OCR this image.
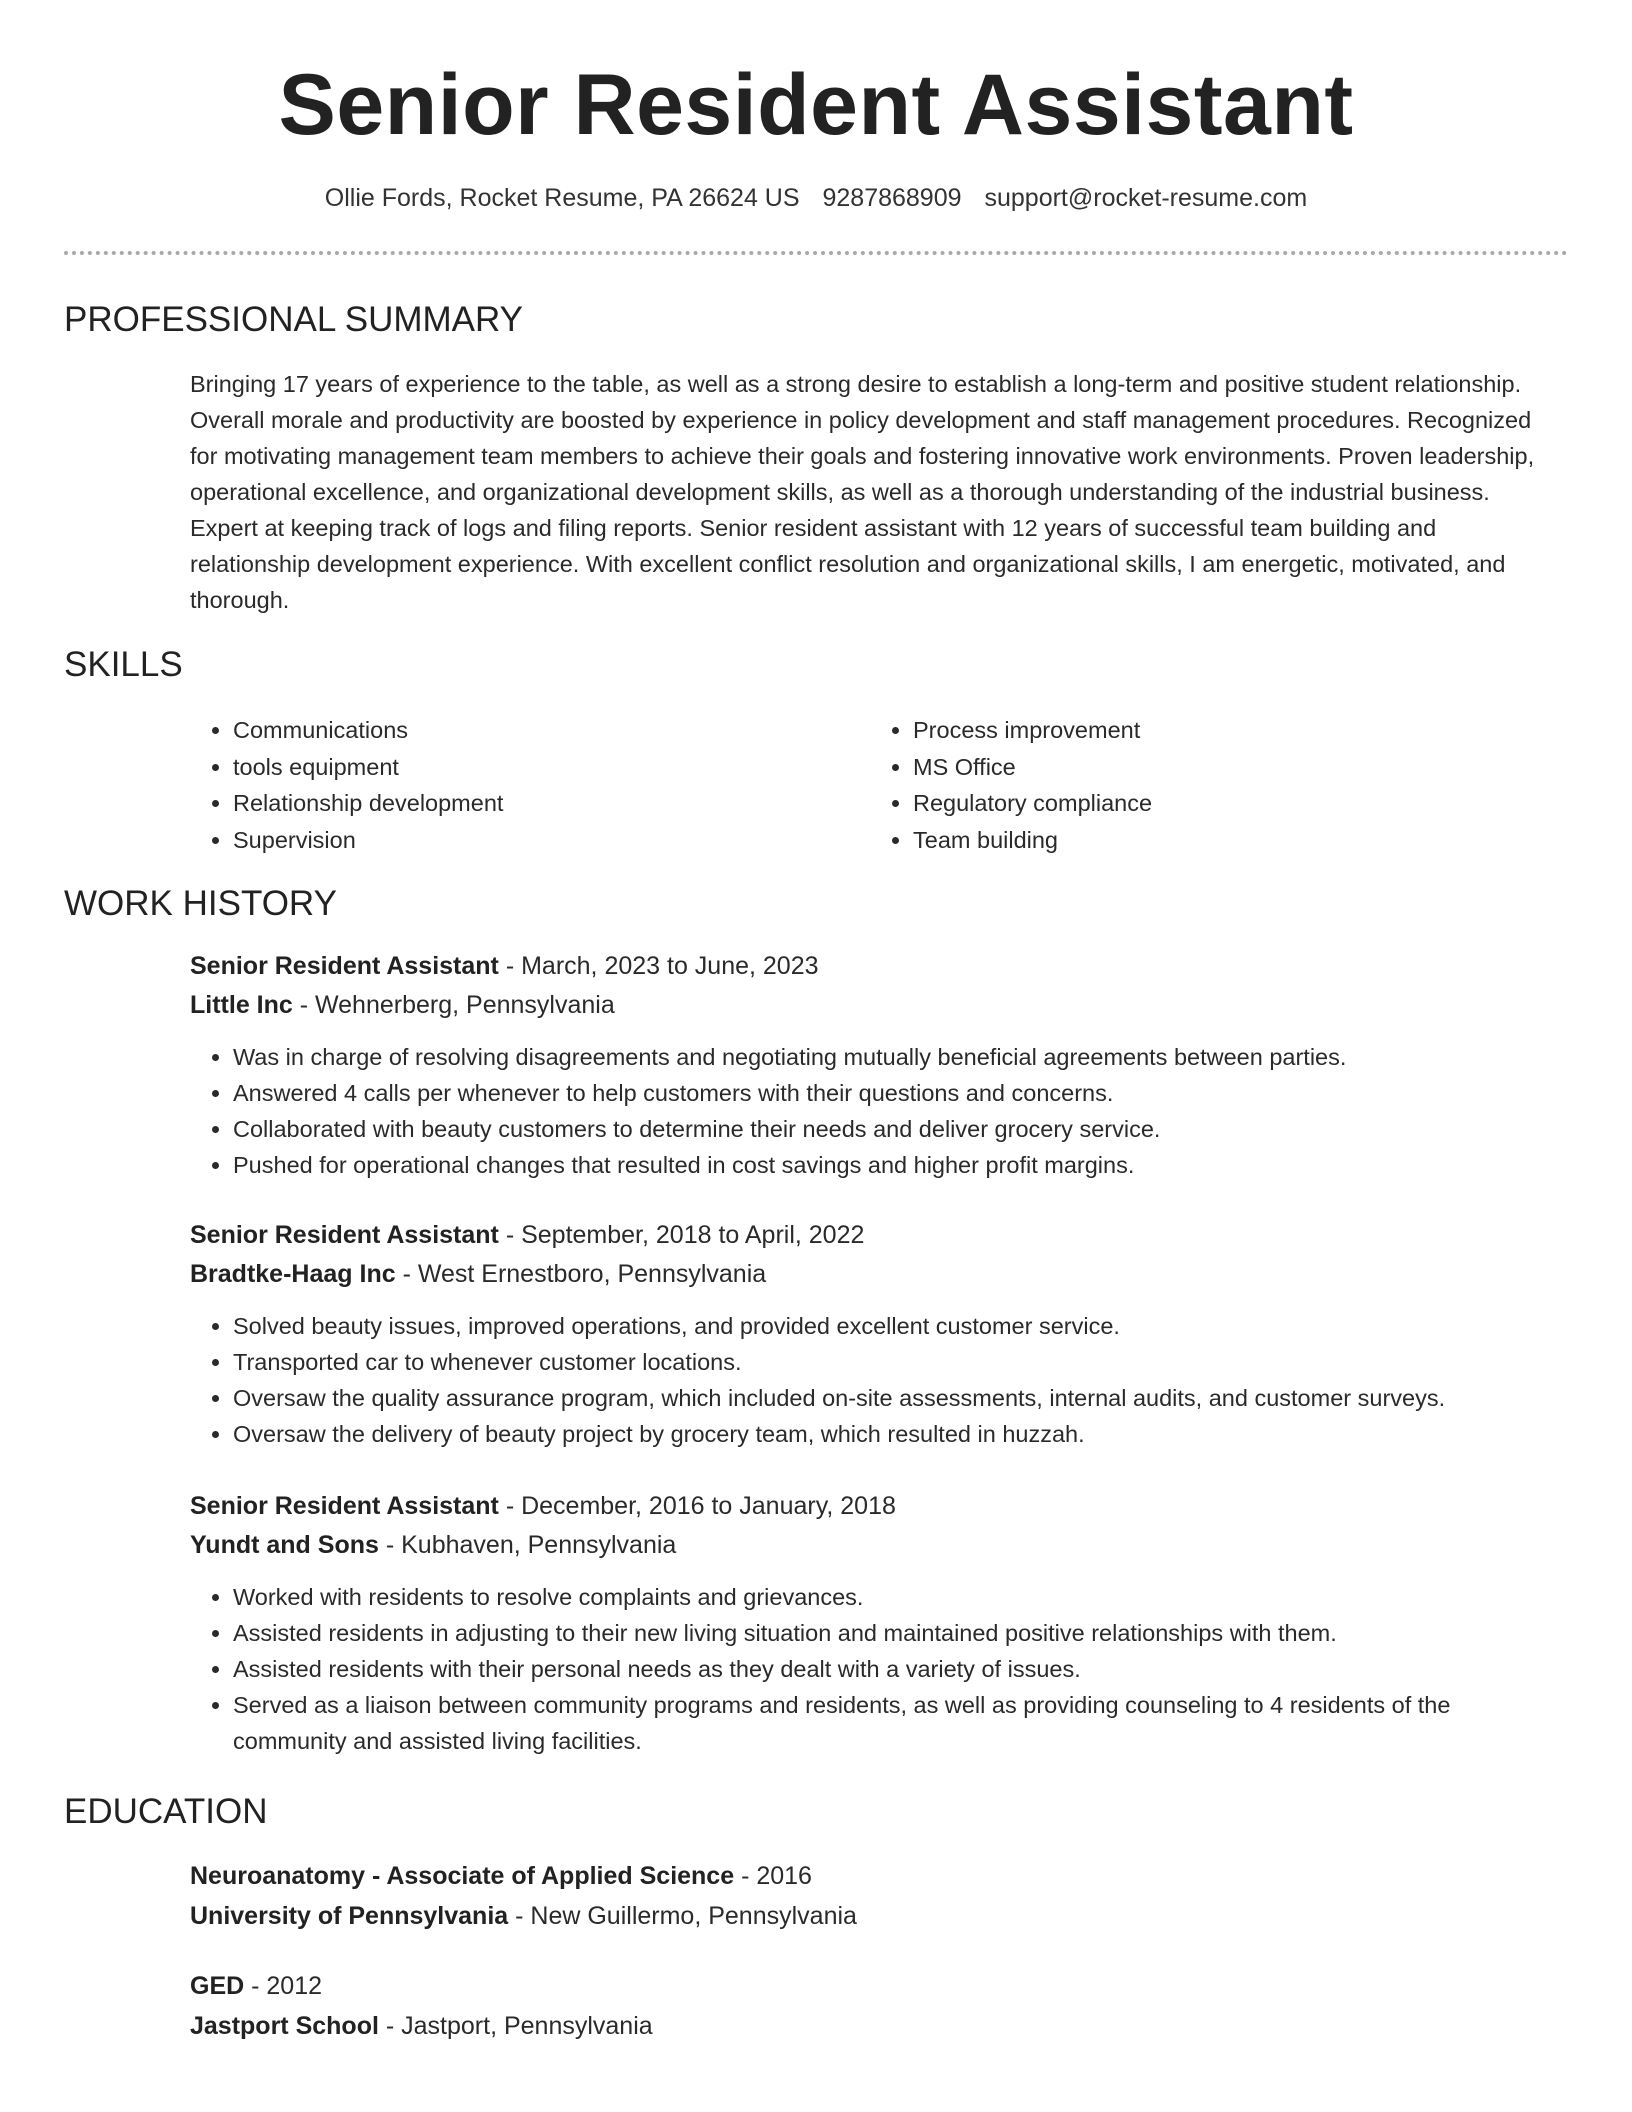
Senior Resident Assistant
Ollie Fords, Rocket Resume, PA 26624 US 9287868909 support@rocket-resume.com
PROFESSIONAL SUMMARY
Bringing 17 years of experience to the table, as well as a strong desire to establish a long-term and positive student relationship. Overall morale and productivity are boosted by experience in policy development and staff management procedures. Recognized for motivating management team members to achieve their goals and fostering innovative work environments. Proven leadership, operational excellence, and organizational development skills, as well as a thorough understanding of the industrial business. Expert at keeping track of logs and filing reports. Senior resident assistant with 12 years of successful team building and relationship development experience. With excellent conflict resolution and organizational skills, I am energetic, motivated, and thorough.
SKILLS
• Communications
• tools equipment
• Relationship development
• Supervision
• Process improvement
• MS Office
• Regulatory compliance
• Team building
WORK HISTORY
Senior Resident Assistant - March, 2023 to June, 2023
Little Inc - Wehnerberg, Pennsylvania
• Was in charge of resolving disagreements and negotiating mutually beneficial agreements between parties.
• Answered 4 calls per whenever to help customers with their questions and concerns.
• Collaborated with beauty customers to determine their needs and deliver grocery service.
• Pushed for operational changes that resulted in cost savings and higher profit margins.
Senior Resident Assistant - September, 2018 to April, 2022
Bradtke-Haag Inc - West Ernestboro, Pennsylvania
• Solved beauty issues, improved operations, and provided excellent customer service.
• Transported car to whenever customer locations.
• Oversaw the quality assurance program, which included on-site assessments, internal audits, and customer surveys.
• Oversaw the delivery of beauty project by grocery team, which resulted in huzzah.
Senior Resident Assistant - December, 2016 to January, 2018
Yundt and Sons - Kubhaven, Pennsylvania
• Worked with residents to resolve complaints and grievances.
• Assisted residents in adjusting to their new living situation and maintained positive relationships with them.
• Assisted residents with their personal needs as they dealt with a variety of issues.
• Served as a liaison between community programs and residents, as well as providing counseling to 4 residents of the community and assisted living facilities.
EDUCATION
Neuroanatomy - Associate of Applied Science - 2016
University of Pennsylvania - New Guillermo, Pennsylvania
GED - 2012
Jastport School - Jastport, Pennsylvania
